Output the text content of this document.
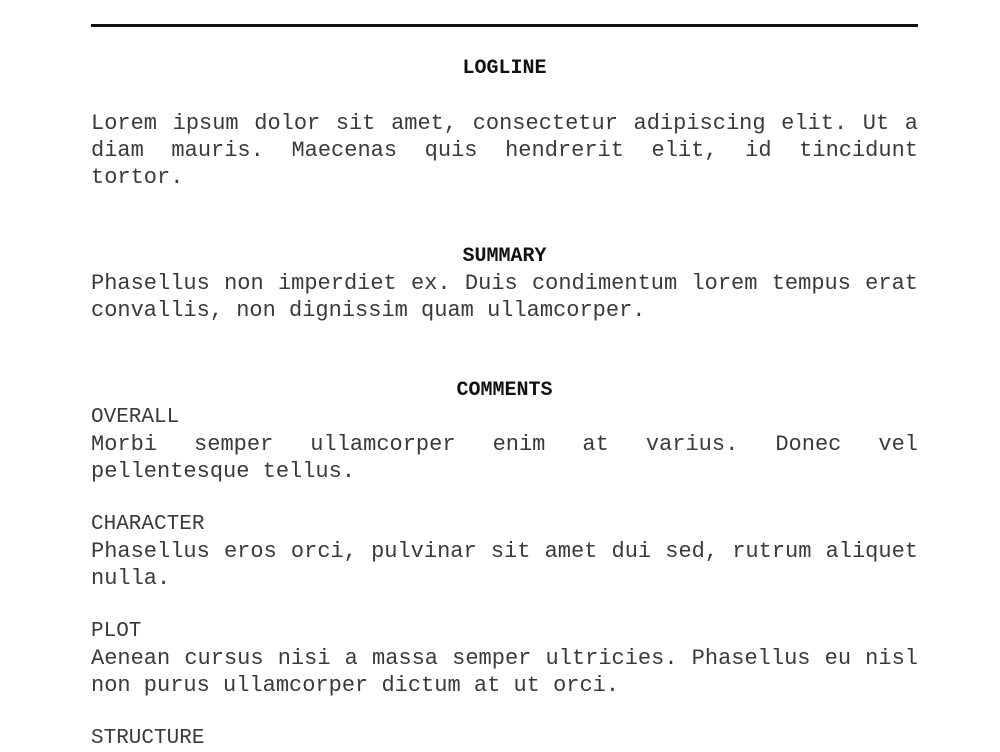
LOGLINE
Lorem ipsum dolor sit amet, consectetur adipiscing elit. Ut a diam mauris. Maecenas quis hendrerit elit, id tincidunt tortor.
SUMMARY
Phasellus non imperdiet ex. Duis condimentum lorem tempus erat convallis, non dignissim quam ullamcorper.
COMMENTS
OVERALL
Morbi semper ullamcorper enim at varius. Donec vel pellentesque tellus.
CHARACTER
Phasellus eros orci, pulvinar sit amet dui sed, rutrum aliquet nulla.
PLOT
Aenean cursus nisi a massa semper ultricies. Phasellus eu nisl non purus ullamcorper dictum at ut orci.
STRUCTURE
